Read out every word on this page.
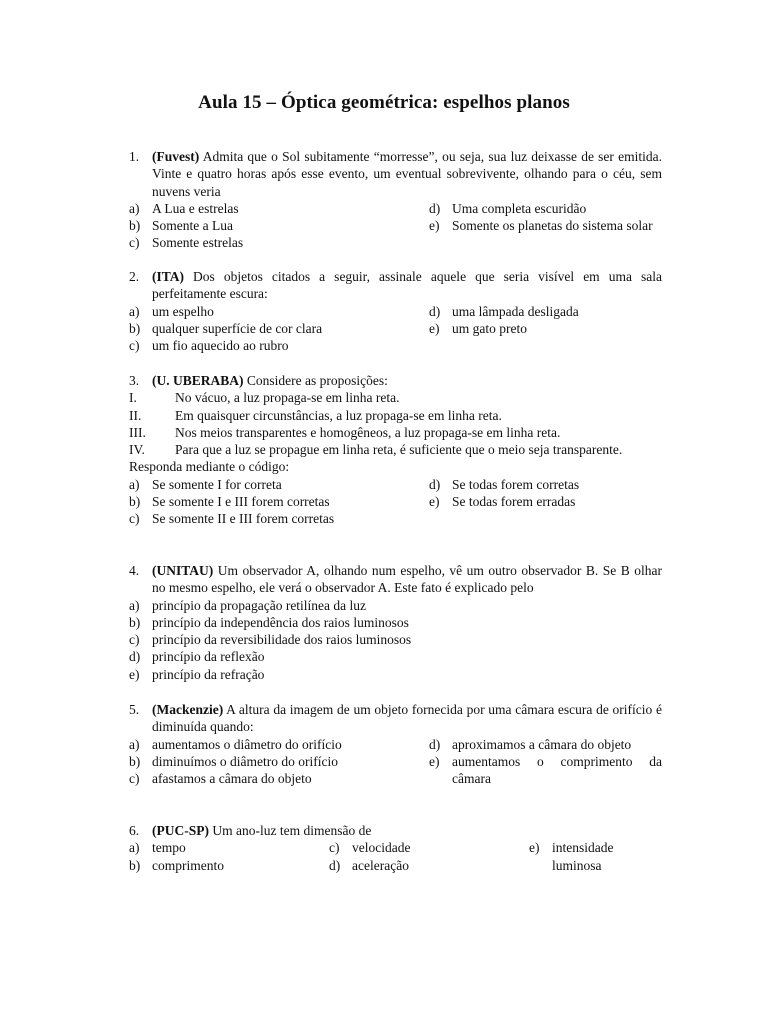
Aula 15 – Óptica geométrica: espelhos planos
1. (Fuvest) Admita que o Sol subitamente “morresse”, ou seja, sua luz deixasse de ser emitida. Vinte e quatro horas após esse evento, um eventual sobrevivente, olhando para o céu, sem nuvens veria
a) A Lua e estrelas
b) Somente a Lua
c) Somente estrelas
d) Uma completa escuridão
e) Somente os planetas do sistema solar
2. (ITA) Dos objetos citados a seguir, assinale aquele que seria visível em uma sala perfeitamente escura:
a) um espelho
b) qualquer superfície de cor clara
c) um fio aquecido ao rubro
d) uma lâmpada desligada
e) um gato preto
3. (U. UBERABA) Considere as proposições:
I.	No vácuo, a luz propaga-se em linha reta.
II. Em quaisquer circunstâncias, a luz propaga-se em linha reta.
III. Nos meios transparentes e homogêneos, a luz propaga-se em linha reta.
IV. Para que a luz se propague em linha reta, é suficiente que o meio seja transparente.
Responda mediante o código:
a) Se somente I for correta
b) Se somente I e III forem corretas
c) Se somente II e III forem corretas
d) Se todas forem corretas
e) Se todas forem erradas
4. (UNITAU) Um observador A, olhando num espelho, vê um outro observador B. Se B olhar no mesmo espelho, ele verá o observador A. Este fato é explicado pelo
a) princípio da propagação retilínea da luz
b) princípio da independência dos raios luminosos
c) princípio da reversibilidade dos raios luminosos
d) princípio da reflexão
e) princípio da refração
5. (Mackenzie) A altura da imagem de um objeto fornecida por uma câmara escura de orifício é diminuída quando:
a) aumentamos o diâmetro do orifício
b) diminuímos o diâmetro do orifício
c) afastamos a câmara do objeto
d) aproximamos a câmara do objeto
e) aumentamos o comprimento da câmara
6. (PUC-SP) Um ano-luz tem dimensão de
a) tempo
b) comprimento
c) velocidade
d) aceleração
e) intensidade luminosa
